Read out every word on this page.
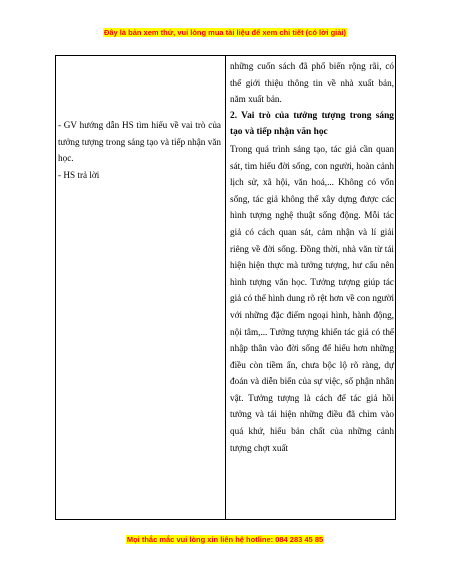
Đây là bản xem thử, vui lòng mua tài liệu để xem chi tiết (có lời giải)

- GV hướng dẫn HS tìm hiểu về vai trò của tưởng tượng trong sáng tạo và tiếp nhận văn học.

- HS trả lời

những cuốn sách đã phổ biến rộng rãi, có thể giới thiệu thông tin về nhà xuất bản, năm xuất bản.

2. Vai trò của tưởng tượng trong sáng tạo và tiếp nhận văn học

Trong quá trình sáng tạo, tác giả cần quan sát, tìm hiểu đời sống, con người, hoàn cảnh lịch sử, xã hội, văn hoá,... Không có vốn sống, tác giả không thể xây dựng được các hình tượng nghệ thuật sống động. Mỗi tác giả có cách quan sát, cảm nhận và lí giải riêng về đời sống. Đồng thời, nhà văn từ tái hiện hiện thực mà tưởng tượng, hư cấu nên hình tượng văn học. Tưởng tượng giúp tác giả có thể hình dung rõ rệt hơn về con người với những đặc điểm ngoại hình, hành động, nội tâm,... Tưởng tượng khiến tác giả có thể nhập thân vào đời sống để hiểu hơn những điều còn tiềm ẩn, chưa bộc lộ rõ ràng, dự đoán và diễn biến của sự việc, số phận nhân vật. Tưởng tượng là cách để tác giả hồi tưởng và tái hiện những điều đã chìm vào quá khứ, hiểu bản chất của những cảnh tượng chợt xuất

Mọi thắc mắc vui lòng xin liên hệ hotline: 084 283 45 85
